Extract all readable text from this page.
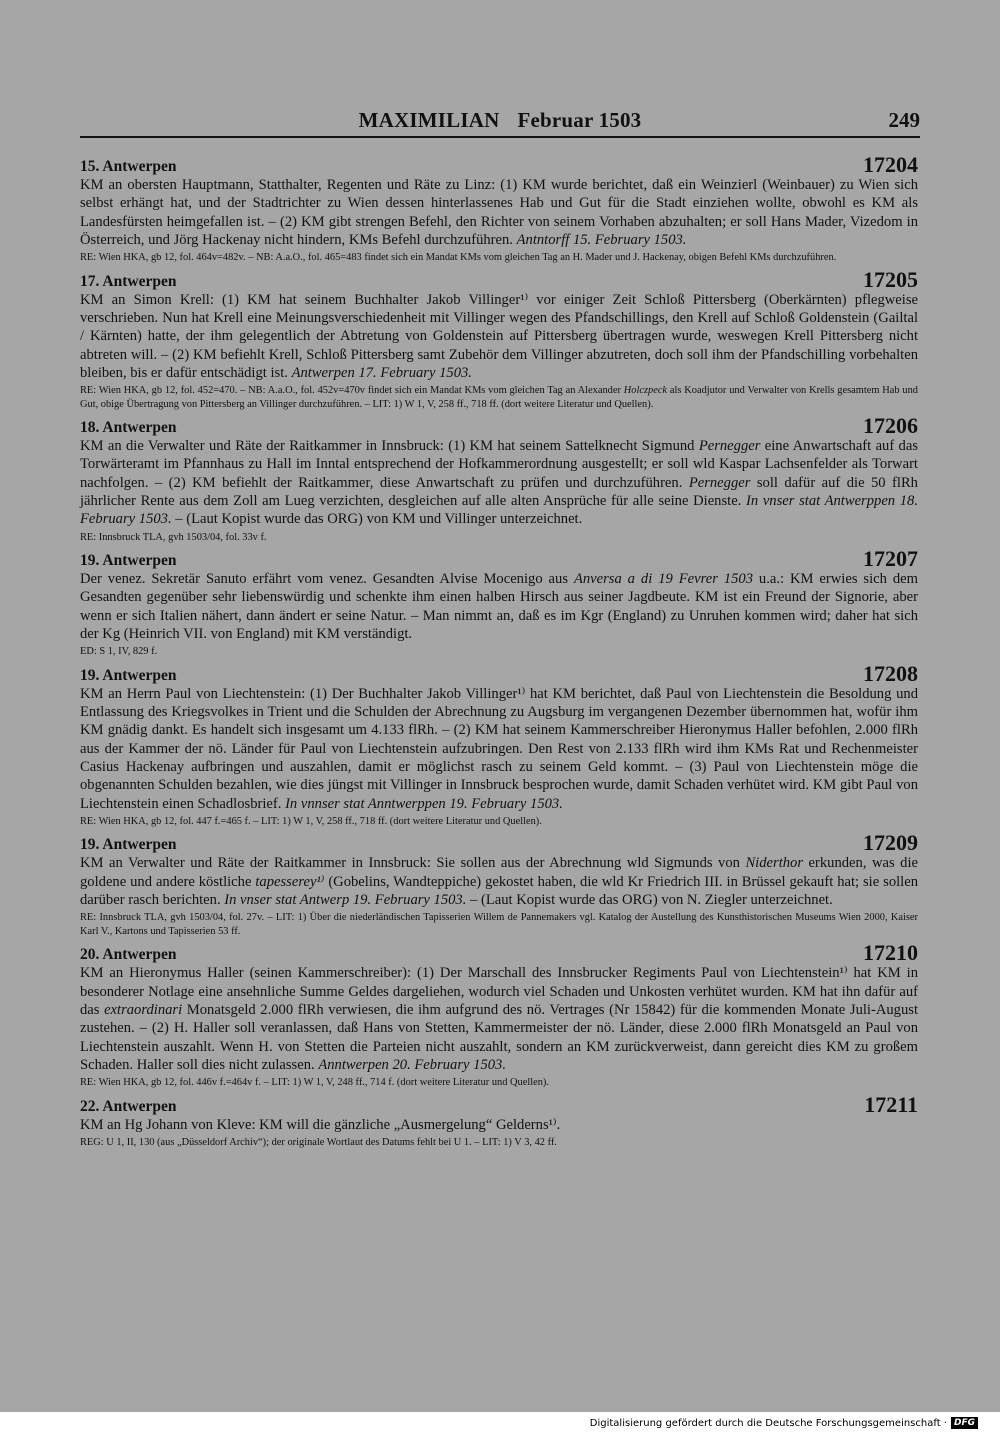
MAXIMILIAN Februar 1503	249
15. Antwerpen	17204

KM an obersten Hauptmann, Statthalter, Regenten und Räte zu Linz: (1) KM wurde berichtet, daß ein Weinzierl (Weinbauer) zu Wien sich selbst erhängt hat, und der Stadtrichter zu Wien dessen hinterlassenes Hab und Gut für die Stadt einziehen wollte, obwohl es KM als Landesfürsten heimgefallen ist. – (2) KM gibt strengen Befehl, den Richter von seinem Vorhaben abzuhalten; er soll Hans Mader, Vizedom in Österreich, und Jörg Hackenay nicht hindern, KMs Befehl durchzuführen. Antntorff 15. February 1503.

RE: Wien HKA, gb 12, fol. 464v=482v. – NB: A.a.O., fol. 465=483 findet sich ein Mandat KMs vom gleichen Tag an H. Mader und J. Hackenay, obigen Befehl KMs durchzuführen.

17. Antwerpen	17205

KM an Simon Krell: (1) KM hat seinem Buchhalter Jakob Villinger¹⁾ vor einiger Zeit Schloß Pittersberg (Oberkärnten) pflegweise verschrieben. Nun hat Krell eine Meinungsverschiedenheit mit Villinger wegen des Pfandschillings, den Krell auf Schloß Goldenstein (Gailtal / Kärnten) hatte, der ihm gelegentlich der Abtretung von Goldenstein auf Pittersberg übertragen wurde, weswegen Krell Pittersberg nicht abtreten will. – (2) KM befiehlt Krell, Schloß Pittersberg samt Zubehör dem Villinger abzutreten, doch soll ihm der Pfandschilling vorbehalten bleiben, bis er dafür entschädigt ist. Antwerpen 17. February 1503.

RE: Wien HKA, gb 12, fol. 452=470. – NB: A.a.O., fol. 452v=470v findet sich ein Mandat KMs vom gleichen Tag an Alexander Holczpeck als Koadjutor und Verwalter von Krells gesamtem Hab und Gut, obige Übertragung von Pittersberg an Villinger durchzuführen. – LIT: 1) W 1, V, 258 ff., 718 ff. (dort weitere Literatur und Quellen).

18. Antwerpen	17206

KM an die Verwalter und Räte der Raitkammer in Innsbruck: (1) KM hat seinem Sattelknecht Sigmund Pernegger eine Anwartschaft auf das Torwärteramt im Pfannhaus zu Hall im Inntal entsprechend der Hofkammerordnung ausgestellt; er soll wld Kaspar Lachsenfelder als Torwart nachfolgen. – (2) KM befiehlt der Raitkammer, diese Anwartschaft zu prüfen und durchzuführen. Pernegger soll dafür auf die 50 flRh jährlicher Rente aus dem Zoll am Lueg verzichten, desgleichen auf alle alten Ansprüche für alle seine Dienste. In vnser stat Antwerppen 18. February 1503. – (Laut Kopist wurde das ORG) von KM und Villinger unterzeichnet.

RE: Innsbruck TLA, gvh 1503/04, fol. 33v f.

19. Antwerpen	17207

Der venez. Sekretär Sanuto erfährt vom venez. Gesandten Alvise Mocenigo aus Anversa a di 19 Fevrer 1503 u.a.: KM erwies sich dem Gesandten gegenüber sehr liebenswürdig und schenkte ihm einen halben Hirsch aus seiner Jagdbeute. KM ist ein Freund der Signorie, aber wenn er sich Italien nähert, dann ändert er seine Natur. – Man nimmt an, daß es im Kgr (England) zu Unruhen kommen wird; daher hat sich der Kg (Heinrich VII. von England) mit KM verständigt.

ED: S 1, IV, 829 f.

19. Antwerpen	17208

KM an Herrn Paul von Liechtenstein: (1) Der Buchhalter Jakob Villinger¹⁾ hat KM berichtet, daß Paul von Liechtenstein die Besoldung und Entlassung des Kriegsvolkes in Trient und die Schulden der Abrechnung zu Augsburg im vergangenen Dezember übernommen hat, wofür ihm KM gnädig dankt. Es handelt sich insgesamt um 4.133 flRh. – (2) KM hat seinem Kammerschreiber Hieronymus Haller befohlen, 2.000 flRh aus der Kammer der nö. Länder für Paul von Liechtenstein aufzubringen. Den Rest von 2.133 flRh wird ihm KMs Rat und Rechenmeister Casius Hackenay aufbringen und auszahlen, damit er möglichst rasch zu seinem Geld kommt. – (3) Paul von Liechtenstein möge die obgenannten Schulden bezahlen, wie dies jüngst mit Villinger in Innsbruck besprochen wurde, damit Schaden verhütet wird. KM gibt Paul von Liechtenstein einen Schadlosbrief. In vnnser stat Anntwerppen 19. February 1503.

RE: Wien HKA, gb 12, fol. 447 f.=465 f. – LIT: 1) W 1, V, 258 ff., 718 ff. (dort weitere Literatur und Quellen).

19. Antwerpen	17209

KM an Verwalter und Räte der Raitkammer in Innsbruck: Sie sollen aus der Abrechnung wld Sigmunds von Niderthor erkunden, was die goldene und andere köstliche tapesserey¹⁾ (Gobelins, Wandteppiche) gekostet haben, die wld Kr Friedrich III. in Brüssel gekauft hat; sie sollen darüber rasch berichten. In vnser stat Antwerp 19. February 1503. – (Laut Kopist wurde das ORG) von N. Ziegler unterzeichnet.

RE: Innsbruck TLA, gvh 1503/04, fol. 27v. – LIT: 1) Über die niederländischen Tapisserien Willem de Pannemakers vgl. Katalog der Austellung des Kunsthistorischen Museums Wien 2000, Kaiser Karl V., Kartons und Tapisserien 53 ff.

20. Antwerpen	17210

KM an Hieronymus Haller (seinen Kammerschreiber): (1) Der Marschall des Innsbrucker Regiments Paul von Liechtenstein¹⁾ hat KM in besonderer Notlage eine ansehnliche Summe Geldes dargeliehen, wodurch viel Schaden und Unkosten verhütet wurden. KM hat ihn dafür auf das extraordinari Monatsgeld 2.000 flRh verwiesen, die ihm aufgrund des nö. Vertrages (Nr 15842) für die kommenden Monate Juli-August zustehen. – (2) H. Haller soll veranlassen, daß Hans von Stetten, Kammermeister der nö. Länder, diese 2.000 flRh Monatsgeld an Paul von Liechtenstein auszahlt. Wenn H. von Stetten die Parteien nicht auszahlt, sondern an KM zurückverweist, dann gereicht dies KM zu großem Schaden. Haller soll dies nicht zulassen. Anntwerpen 20. February 1503.

RE: Wien HKA, gb 12, fol. 446v f.=464v f. – LIT: 1) W 1, V, 248 ff., 714 f. (dort weitere Literatur und Quellen).

22. Antwerpen	17211

KM an Hg Johann von Kleve: KM will die gänzliche „Ausmergelung“ Gelderns¹⁾.

REG: U 1, II, 130 (aus „Düsseldorf Archiv“); der originale Wortlaut des Datums fehlt bei U 1. – LIT: 1) V 3, 42 ff.

Digitalisierung gefördert durch die Deutsche Forschungsgemeinschaft · DFG
